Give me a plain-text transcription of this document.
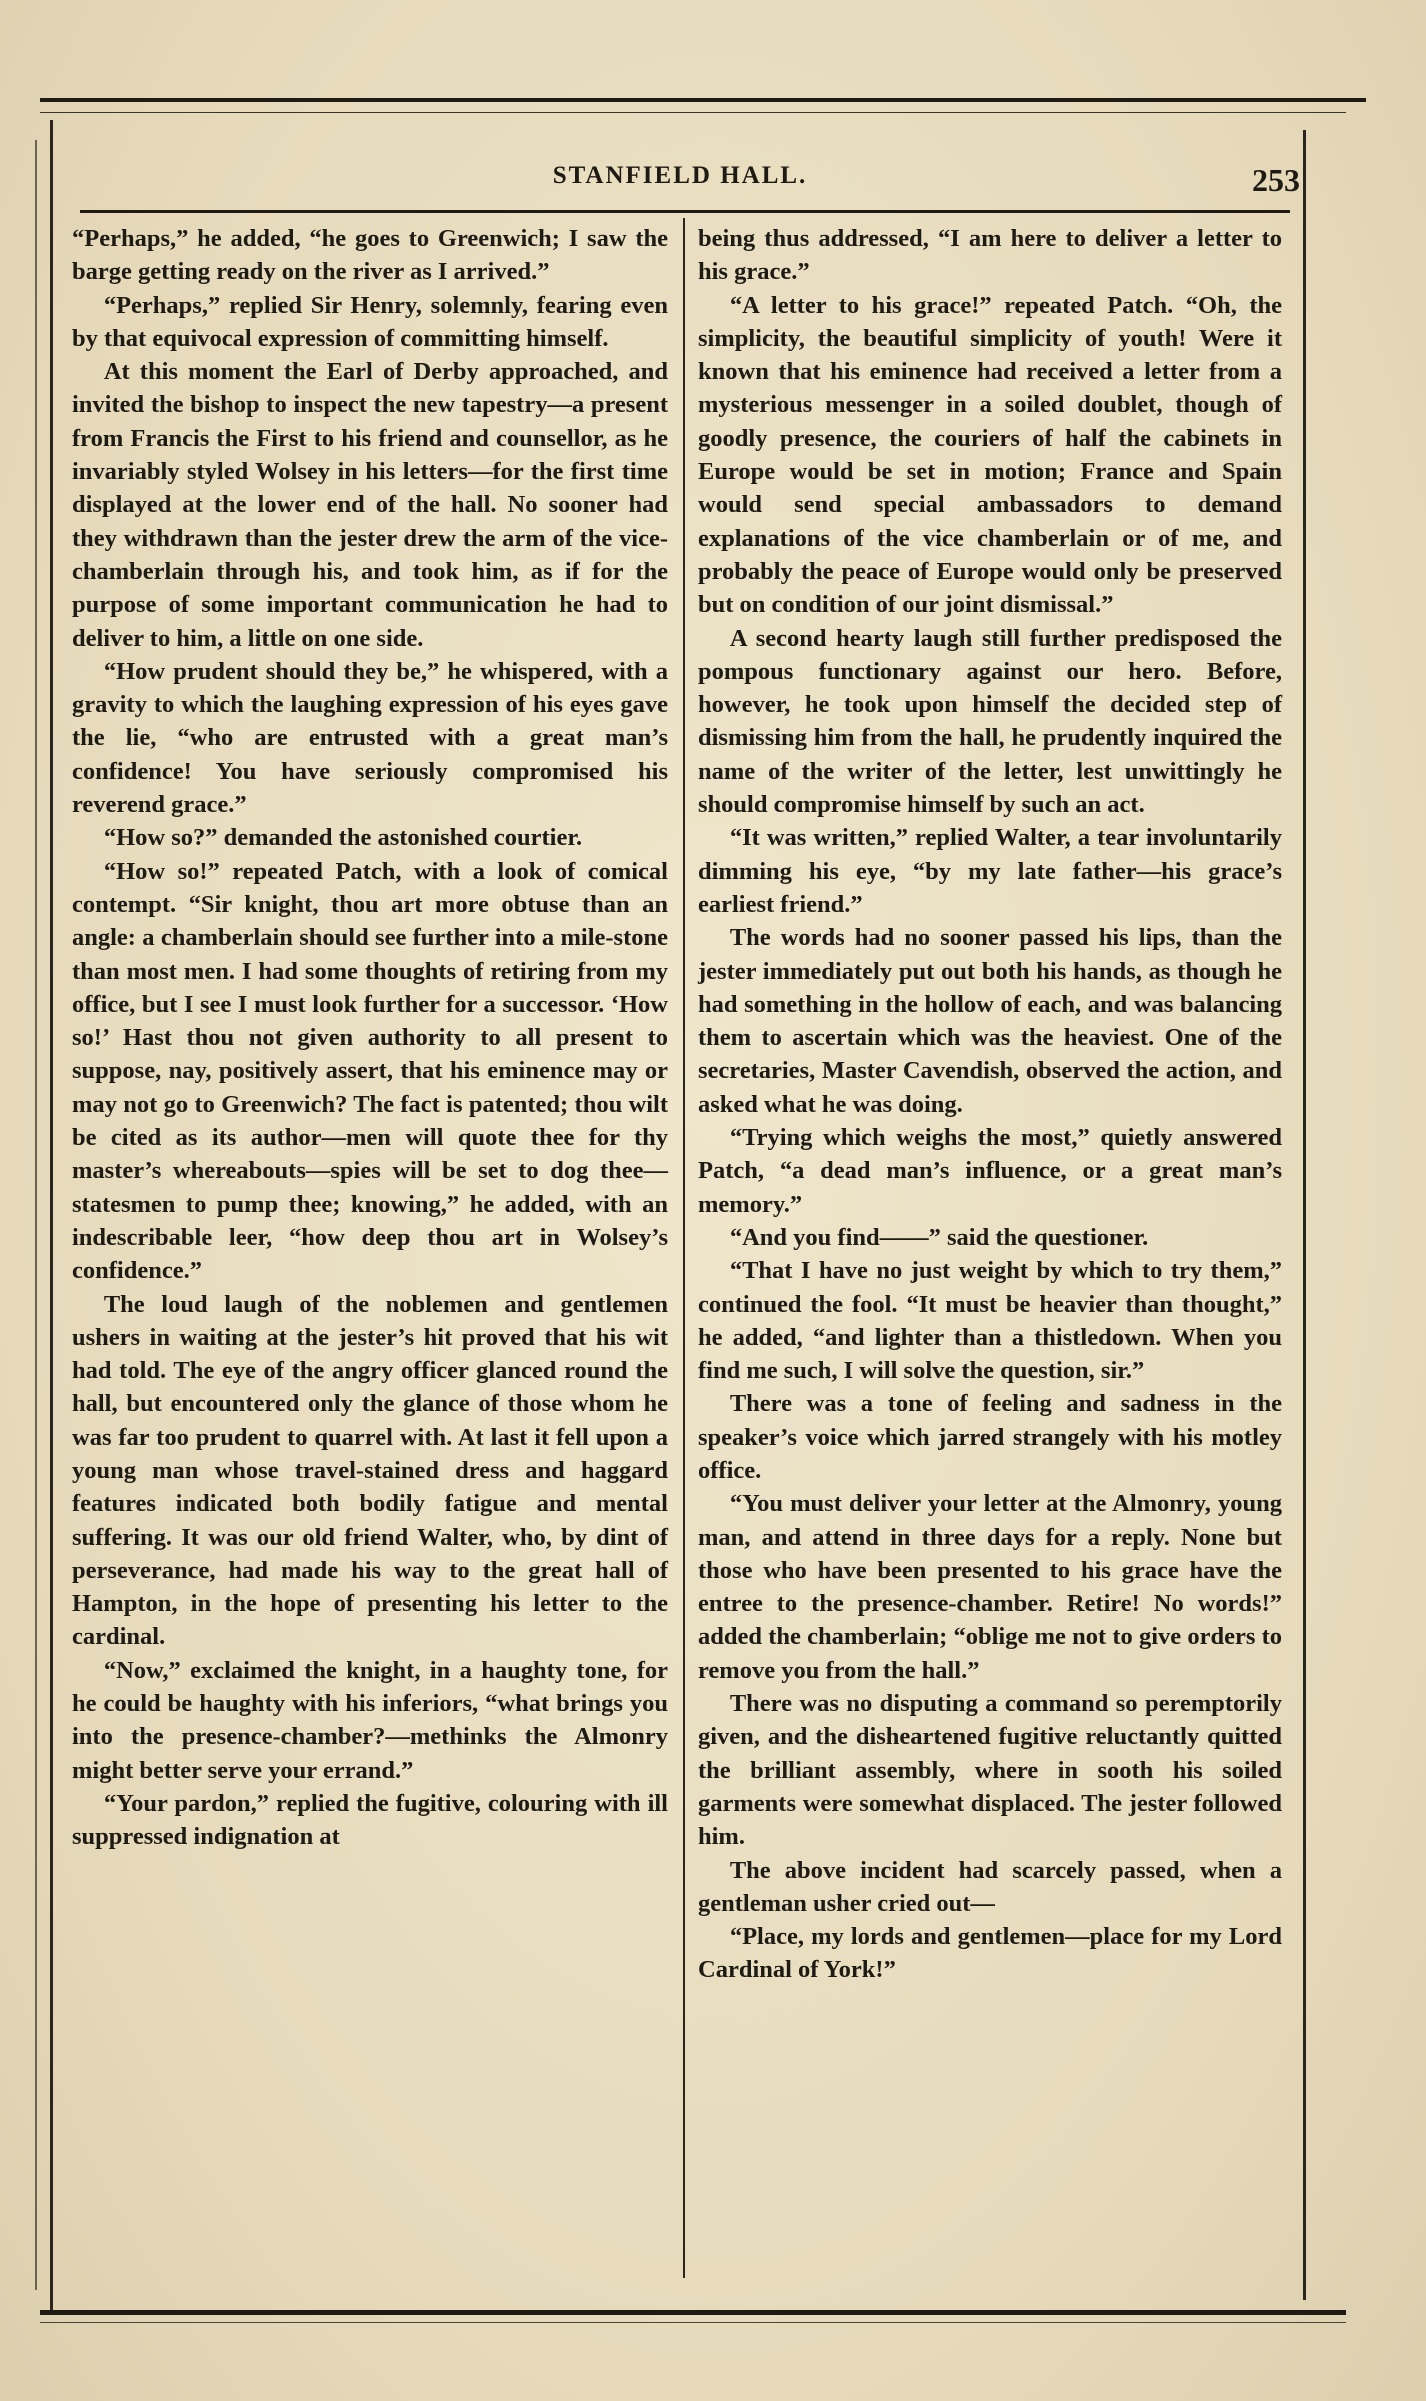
STANFIELD HALL.	253

“Perhaps,” he added, “he goes to Greenwich; I saw the barge getting ready on the river as I arrived.”

“Perhaps,” replied Sir Henry, solemnly, fearing even by that equivocal expression of committing himself.

At this moment the Earl of Derby approached, and invited the bishop to inspect the new tapestry—a present from Francis the First to his friend and counsellor, as he invariably styled Wolsey in his letters—for the first time displayed at the lower end of the hall. No sooner had they withdrawn than the jester drew the arm of the vice-chamberlain through his, and took him, as if for the purpose of some important communication he had to deliver to him, a little on one side.

“How prudent should they be,” he whispered, with a gravity to which the laughing expression of his eyes gave the lie, “who are entrusted with a great man’s confidence! You have seriously compromised his reverend grace.”

“How so?” demanded the astonished courtier.

“How so!” repeated Patch, with a look of comical contempt. “Sir knight, thou art more obtuse than an angle: a chamberlain should see further into a mile-stone than most men. I had some thoughts of retiring from my office, but I see I must look further for a successor. ‘How so!’ Hast thou not given authority to all present to suppose, nay, positively assert, that his eminence may or may not go to Greenwich? The fact is patented; thou wilt be cited as its author—men will quote thee for thy master’s whereabouts—spies will be set to dog thee—statesmen to pump thee; knowing,” he added, with an indescribable leer, “how deep thou art in Wolsey’s confidence.”

The loud laugh of the noblemen and gentlemen ushers in waiting at the jester’s hit proved that his wit had told. The eye of the angry officer glanced round the hall, but encountered only the glance of those whom he was far too prudent to quarrel with. At last it fell upon a young man whose travel-stained dress and haggard features indicated both bodily fatigue and mental suffering. It was our old friend Walter, who, by dint of perseverance, had made his way to the great hall of Hampton, in the hope of presenting his letter to the cardinal.

“Now,” exclaimed the knight, in a haughty tone, for he could be haughty with his inferiors, “what brings you into the presence-chamber?—methinks the Almonry might better serve your errand.”

“Your pardon,” replied the fugitive, colouring with ill suppressed indignation at

being thus addressed, “I am here to deliver a letter to his grace.”

“A letter to his grace!” repeated Patch. “Oh, the simplicity, the beautiful simplicity of youth! Were it known that his eminence had received a letter from a mysterious messenger in a soiled doublet, though of goodly presence, the couriers of half the cabinets in Europe would be set in motion; France and Spain would send special ambassadors to demand explanations of the vice chamberlain or of me, and probably the peace of Europe would only be preserved but on condition of our joint dismissal.”

A second hearty laugh still further predisposed the pompous functionary against our hero. Before, however, he took upon himself the decided step of dismissing him from the hall, he prudently inquired the name of the writer of the letter, lest unwittingly he should compromise himself by such an act.

“It was written,” replied Walter, a tear involuntarily dimming his eye, “by my late father—his grace’s earliest friend.”

The words had no sooner passed his lips, than the jester immediately put out both his hands, as though he had something in the hollow of each, and was balancing them to ascertain which was the heaviest. One of the secretaries, Master Cavendish, observed the action, and asked what he was doing.

“Trying which weighs the most,” quietly answered Patch, “a dead man’s influence, or a great man’s memory.”

“And you find——” said the questioner.

“That I have no just weight by which to try them,” continued the fool. “It must be heavier than thought,” he added, “and lighter than a thistledown. When you find me such, I will solve the question, sir.”

There was a tone of feeling and sadness in the speaker’s voice which jarred strangely with his motley office.

“You must deliver your letter at the Almonry, young man, and attend in three days for a reply. None but those who have been presented to his grace have the entree to the presence-chamber. Retire! No words!” added the chamberlain; “oblige me not to give orders to remove you from the hall.”

There was no disputing a command so peremptorily given, and the disheartened fugitive reluctantly quitted the brilliant assembly, where in sooth his soiled garments were somewhat displaced. The jester followed him.

The above incident had scarcely passed, when a gentleman usher cried out—

“Place, my lords and gentlemen—place for my Lord Cardinal of York!”
